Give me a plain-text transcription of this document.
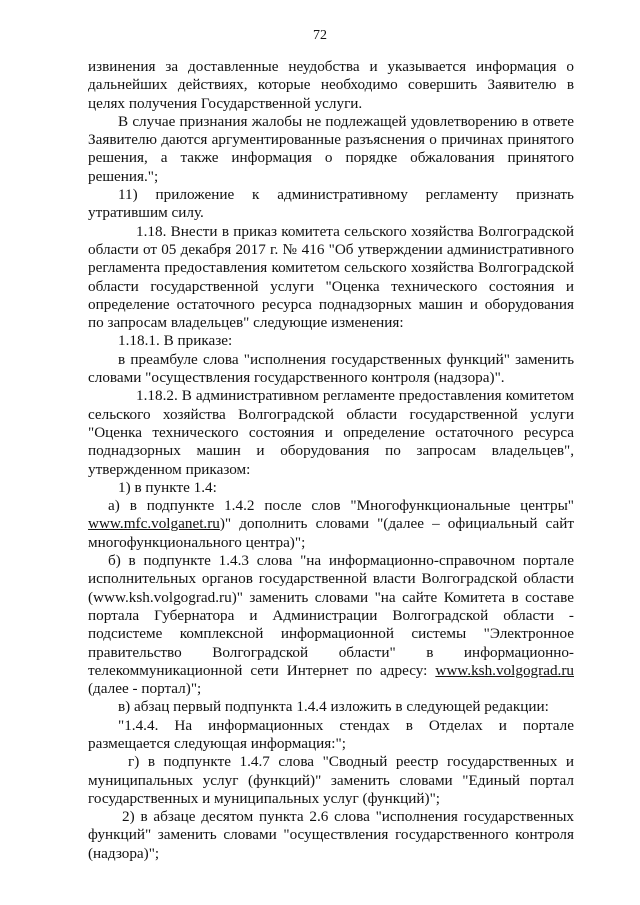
72

извинения за доставленные неудобства и указывается информация о дальнейших действиях, которые необходимо совершить Заявителю в целях получения Государственной услуги.

В случае признания жалобы не подлежащей удовлетворению в ответе Заявителю даются аргументированные разъяснения о причинах принятого решения, а также информация о порядке обжалования принятого решения.";

11) приложение к административному регламенту признать утратившим силу.

1.18. Внести в приказ комитета сельского хозяйства Волгоградской области от 05 декабря 2017 г. № 416 "Об утверждении административного регламента предоставления комитетом сельского хозяйства Волгоградской области государственной услуги "Оценка технического состояния и определение остаточного ресурса поднадзорных машин и оборудования по запросам владельцев" следующие изменения:

1.18.1. В приказе:

в преамбуле слова "исполнения государственных функций" заменить словами "осуществления государственного контроля (надзора)".

1.18.2. В административном регламенте предоставления комитетом сельского хозяйства Волгоградской области государственной услуги "Оценка технического состояния и определение остаточного ресурса поднадзорных машин и оборудования по запросам владельцев", утвержденном приказом:

1) в пункте 1.4:

а) в подпункте 1.4.2 после слов "Многофункциональные центры" www.mfc.volganet.ru)" дополнить словами "(далее – официальный сайт многофункционального центра)";

б) в подпункте 1.4.3 слова "на информационно-справочном портале исполнительных органов государственной власти Волгоградской области (www.ksh.volgograd.ru)" заменить словами "на сайте Комитета в составе портала Губернатора и Администрации Волгоградской области - подсистеме комплексной информационной системы "Электронное правительство Волгоградской области" в информационно-телекоммуникационной сети Интернет по адресу: www.ksh.volgograd.ru (далее - портал)";

в) абзац первый подпункта 1.4.4 изложить в следующей редакции:

"1.4.4. На информационных стендах в Отделах и портале размещается следующая информация:";

г) в подпункте 1.4.7 слова "Сводный реестр государственных и муниципальных услуг (функций)" заменить словами "Единый портал государственных и муниципальных услуг (функций)";

2) в абзаце десятом пункта 2.6 слова "исполнения государственных функций" заменить словами "осуществления государственного контроля (надзора)";
